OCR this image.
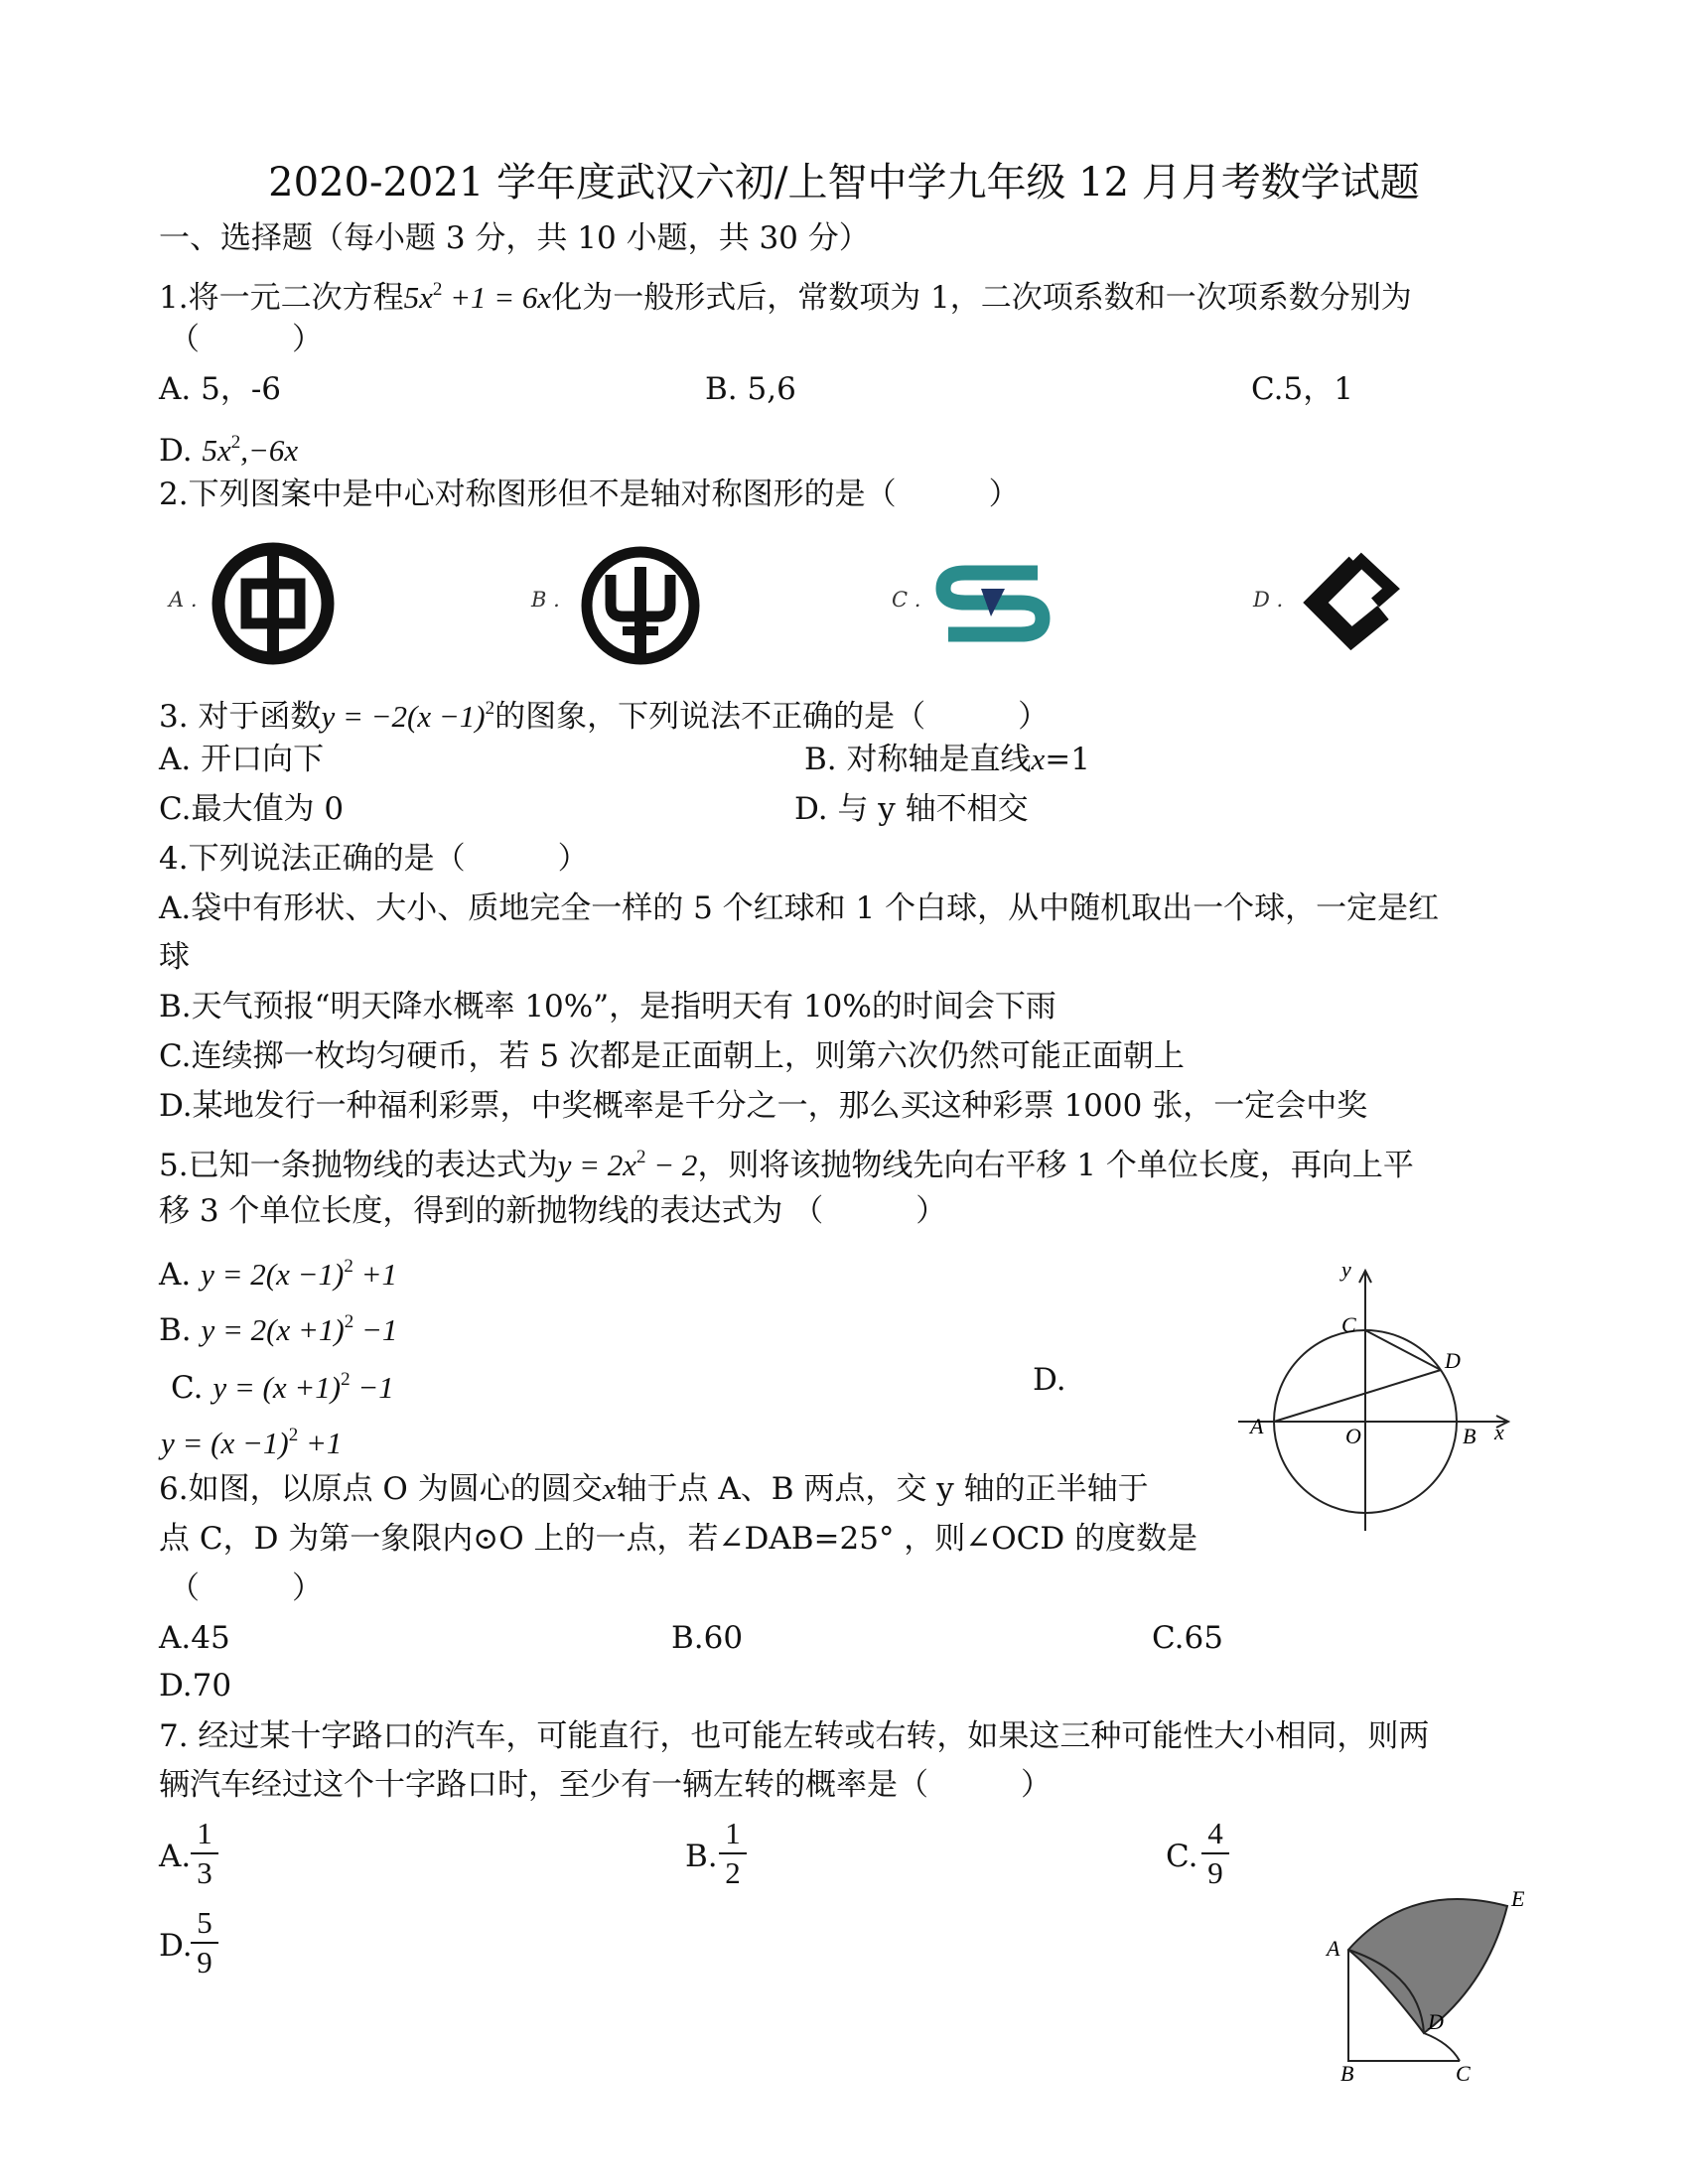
2020-2021 学年度武汉六初/上智中学九年级 12 月月考数学试题
一、选择题（每小题 3 分，共 10 小题，共 30 分）
1.将一元二次方程$5x^2 +1 = 6x$化为一般形式后，常数项为 1，二次项系数和一次项系数分别为
（　　　）
A. 5，-6	B. 5,6	C.5，1
D. $5x^2,-6x$
2.下列图案中是中心对称图形但不是轴对称图形的是（　　　）
A .	B .	C .	D .
3. 对于函数$y = -2(x -1)^2$的图象，下列说法不正确的是（　　　）
A. 开口向下	B. 对称轴是直线x=1
C.最大值为 0	D. 与 y 轴不相交
4.下列说法正确的是（　　　）
A.袋中有形状、大小、质地完全一样的 5 个红球和 1 个白球，从中随机取出一个球，一定是红
球
B.天气预报“明天降水概率 10%”，是指明天有 10%的时间会下雨
C.连续掷一枚均匀硬币，若 5 次都是正面朝上，则第六次仍然可能正面朝上
D.某地发行一种福利彩票，中奖概率是千分之一，那么买这种彩票 1000 张，一定会中奖
5.已知一条抛物线的表达式为$y = 2x^2 - 2$，则将该抛物线先向右平移 1 个单位长度，再向上平
移 3 个单位长度，得到的新抛物线的表达式为 （　　　）
A. $y = 2(x -1)^2 +1$
B. $y = 2(x +1)^2 -1$
C. $y = (x +1)^2 -1$	D.
$y = (x -1)^2 +1$
y
C
D
A	O	B x
6.如图，以原点 O 为圆心的圆交x轴于点 A、B 两点，交 y 轴的正半轴于
点 C，D 为第一象限内⊙O 上的一点，若∠DAB=25° ，则∠OCD 的度数是
（　　　）
A.45	B.60	C.65
D.70
7. 经过某十字路口的汽车，可能直行，也可能左转或右转，如果这三种可能性大小相同，则两
辆汽车经过这个十字路口时，至少有一辆左转的概率是（　　　）
A.
1
3	B.
1
2	C.
4
9
D.
5
9	A
E
D
B	C
